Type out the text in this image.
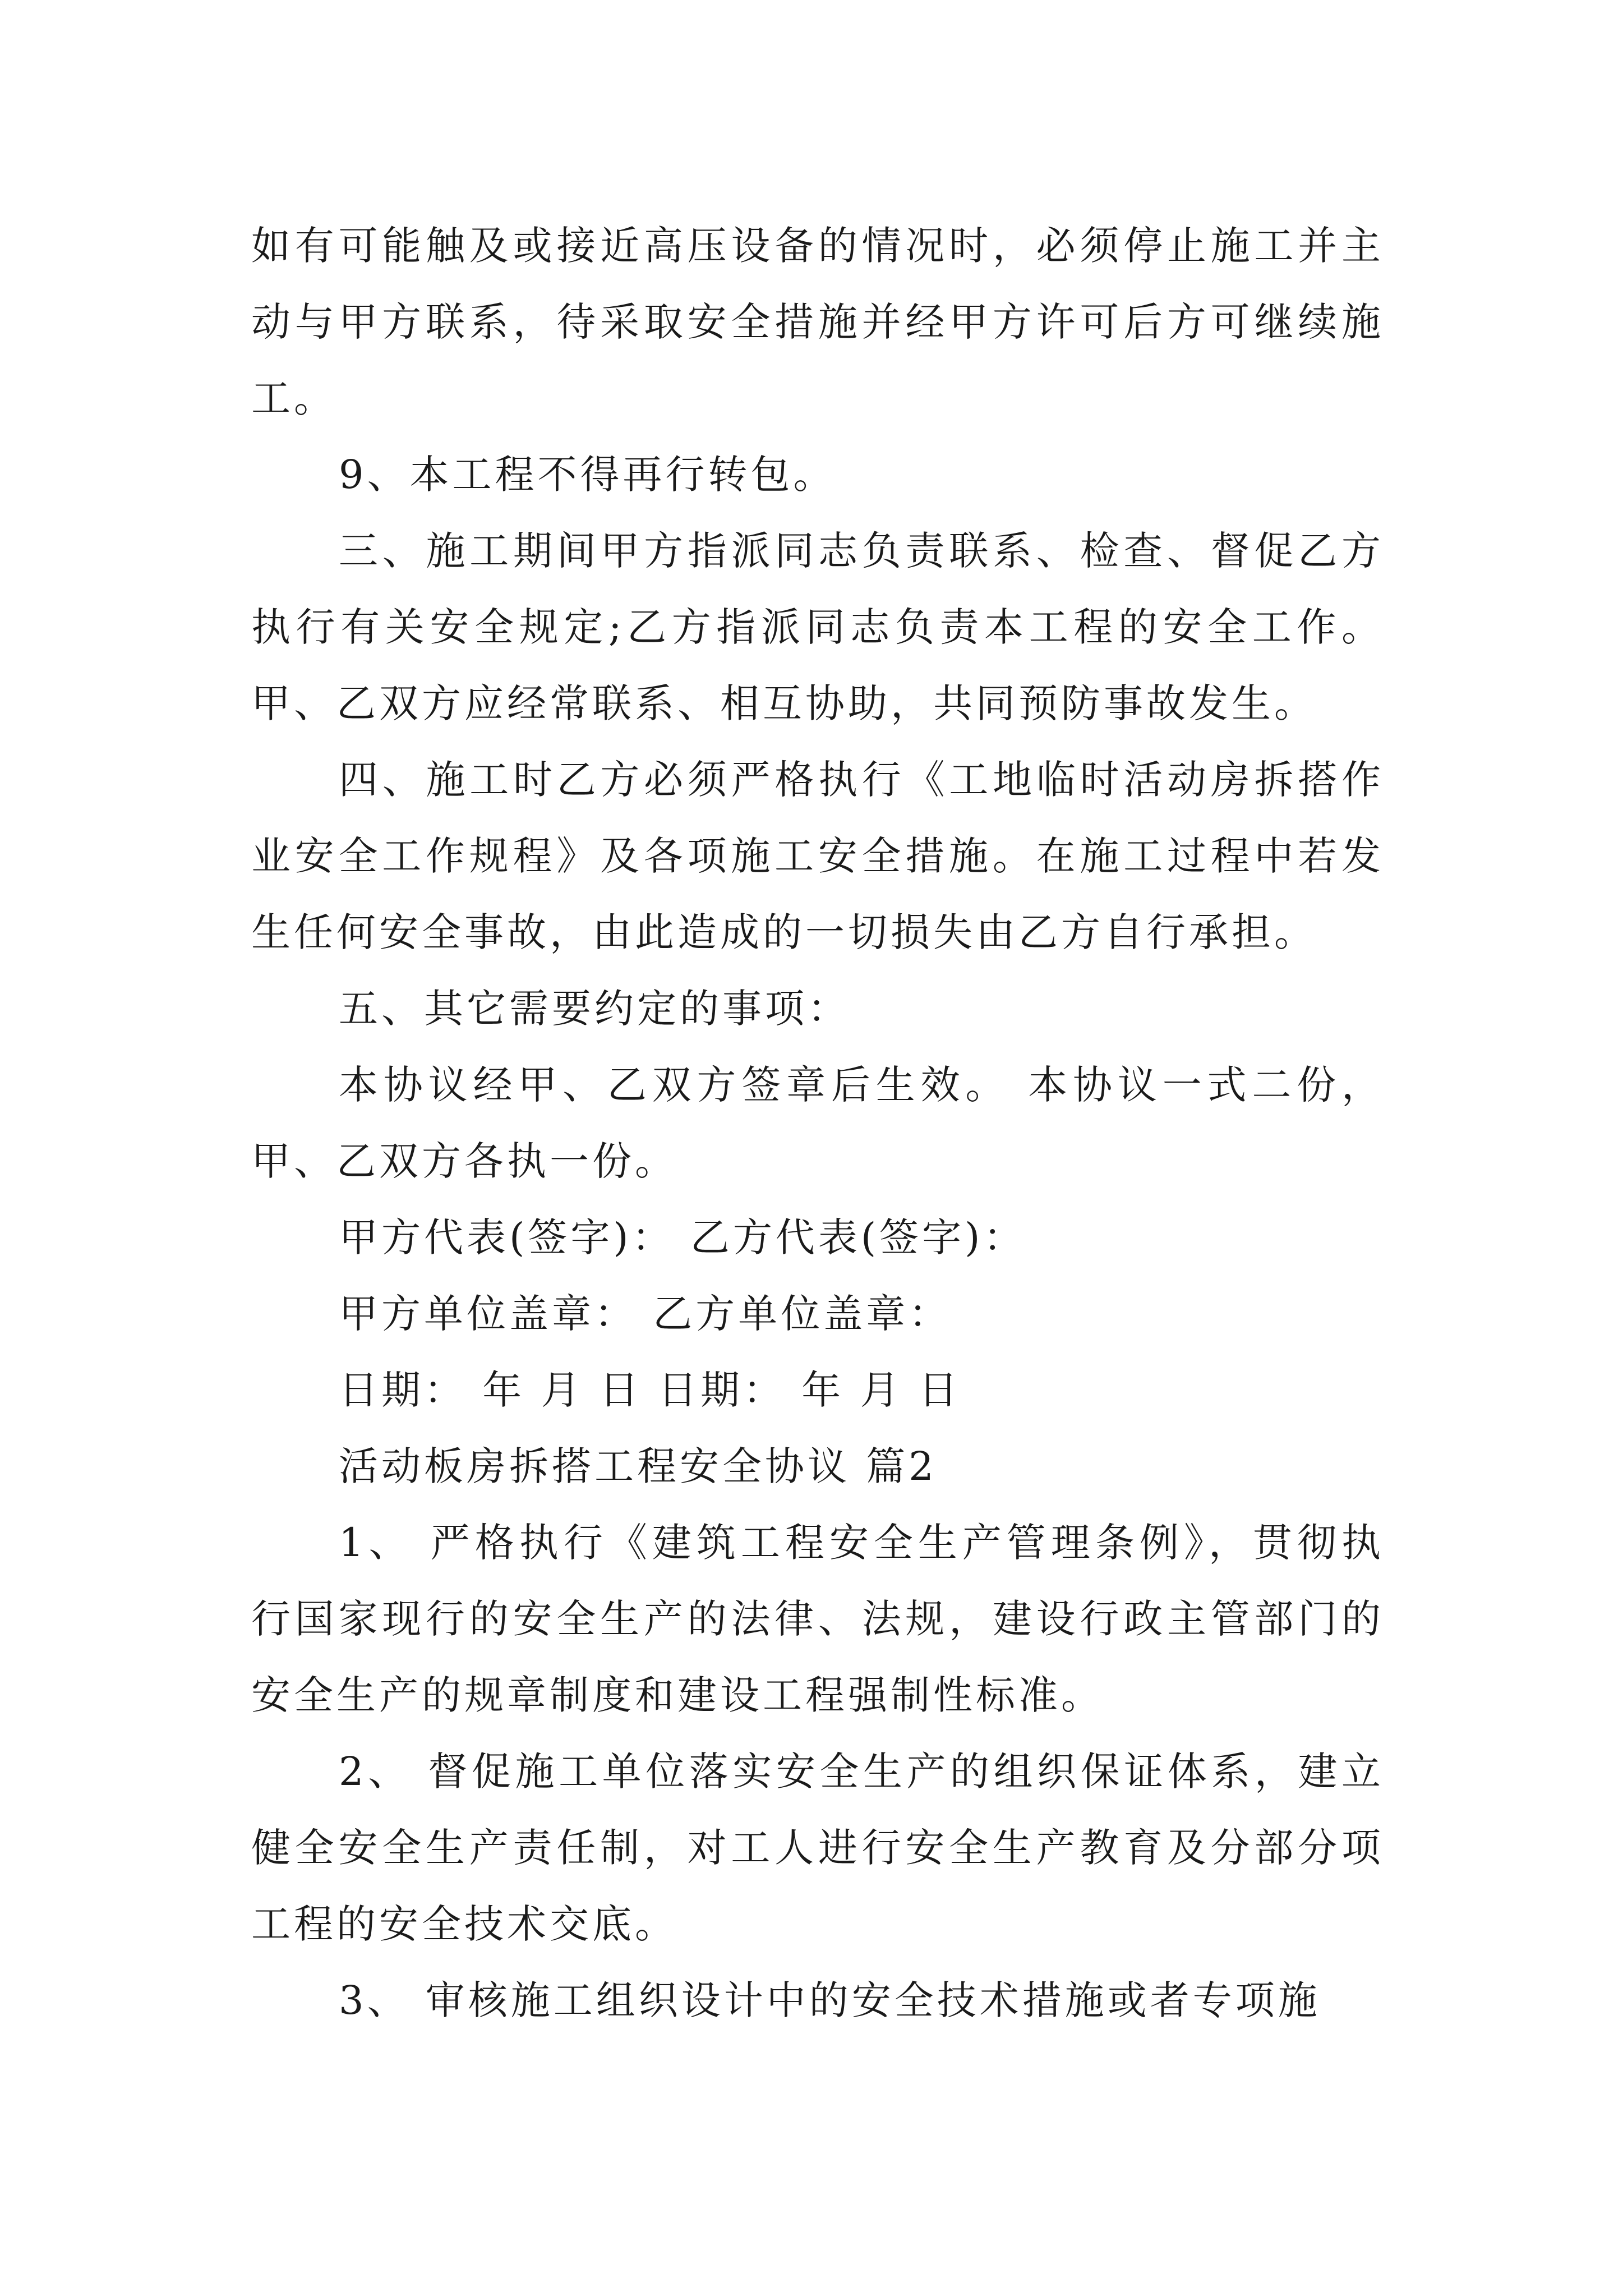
如有可能触及或接近高压设备的情况时，必须停止施工并主动与甲方联系，待采取安全措施并经甲方许可后方可继续施工。

9、本工程不得再行转包。

三、施工期间甲方指派同志负责联系、检查、督促乙方执行有关安全规定;乙方指派同志负责本工程的安全工作。甲、乙双方应经常联系、相互协助，共同预防事故发生。

四、施工时乙方必须严格执行《工地临时活动房拆搭作业安全工作规程》及各项施工安全措施。在施工过程中若发生任何安全事故，由此造成的一切损失由乙方自行承担。

五、其它需要约定的事项：

本协议经甲、乙双方签章后生效。 本协议一式二份，甲、乙双方各执一份。

甲方代表(签字)： 乙方代表(签字)：

甲方单位盖章： 乙方单位盖章：

日期： 年 月 日 日期： 年 月 日

活动板房拆搭工程安全协议 篇2

1、 严格执行《建筑工程安全生产管理条例》，贯彻执行国家现行的安全生产的法律、法规，建设行政主管部门的安全生产的规章制度和建设工程强制性标准。

2、 督促施工单位落实安全生产的组织保证体系，建立健全安全生产责任制，对工人进行安全生产教育及分部分项工程的安全技术交底。

3、 审核施工组织设计中的安全技术措施或者专项施
